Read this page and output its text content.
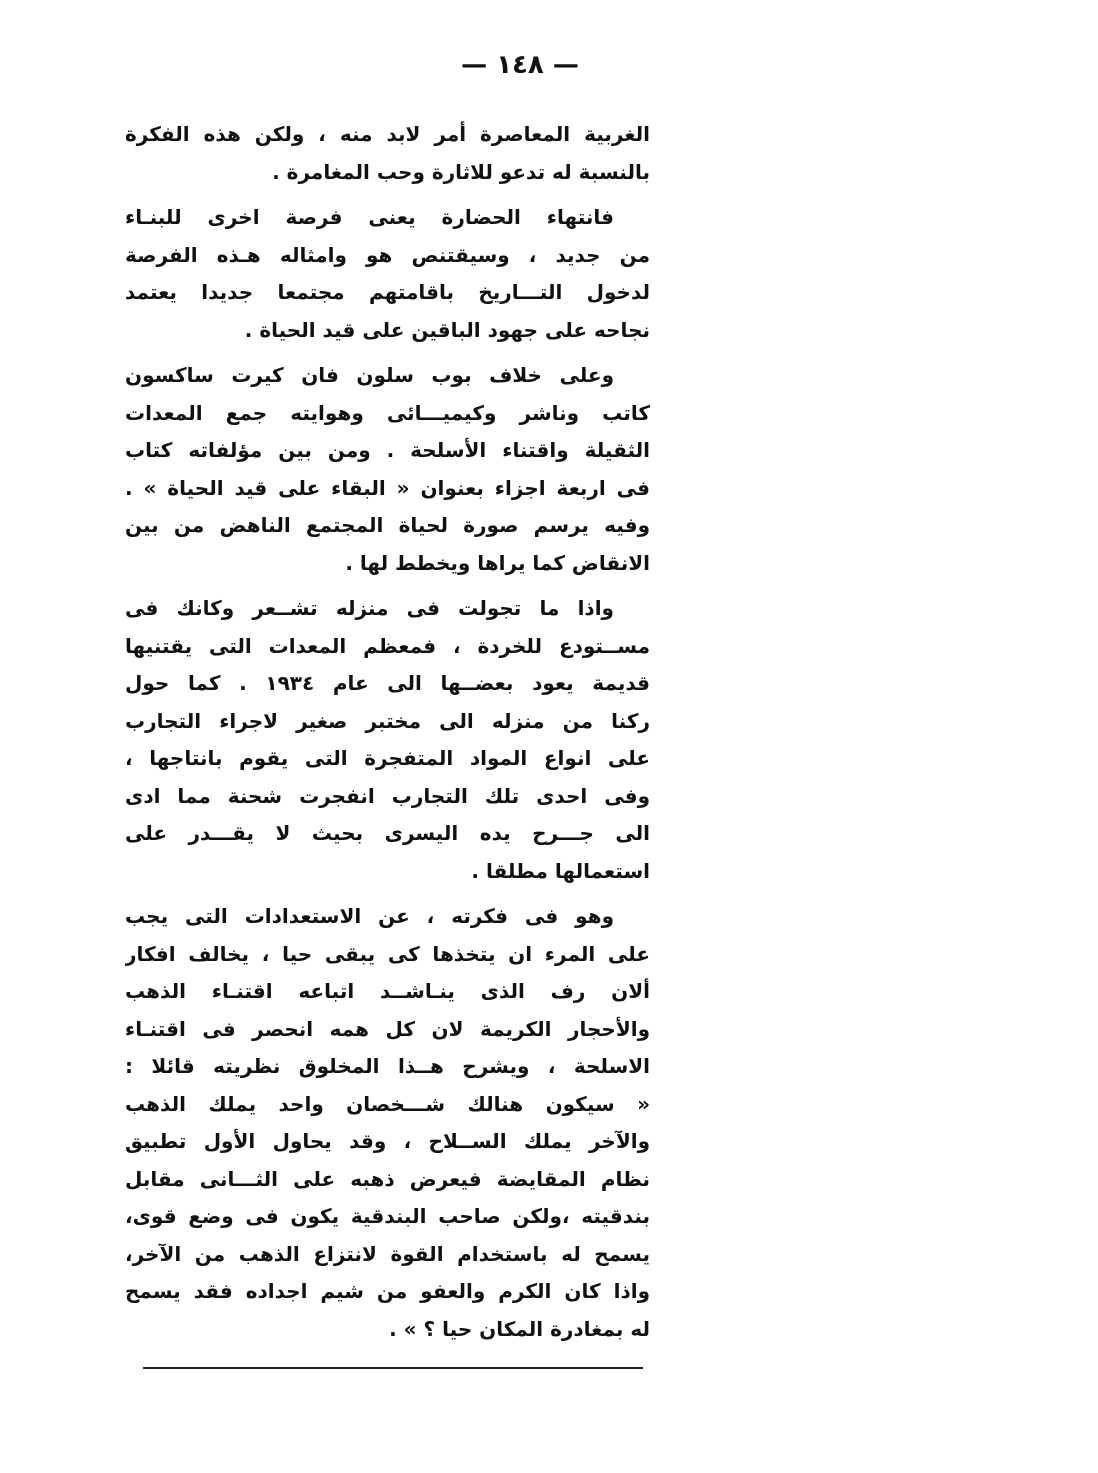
— ١٤٨ —
الغربية المعاصرة أمر لابد منه ، ولكن هذه الفكرة
بالنسبة له تدعو للاثارة وحب المغامرة .
فانتهاء الحضارة يعنى فرصة اخرى للبنـاء
من جديد ، وسيقتنص هو وامثاله هـذه الفرصة
لدخول التـــاريخ باقامتهم مجتمعا جديدا يعتمد
نجاحه على جهود الباقين على قيد الحياة .
وعلى خلاف بوب سلون فان كيرت ساكسون
كاتب وناشر وكيميـــائى وهوايته جمع المعدات
الثقيلة واقتناء الأسلحة . ومن بين مؤلفاته كتاب
فى اربعة اجزاء بعنوان « البقاء على قيد الحياة » .
وفيه يرسم صورة لحياة المجتمع الناهض من بين
الانقاض كما يراها ويخطط لها .
واذا ما تجولت فى منزله تشــعر وكانك فى
مســتودع للخردة ، فمعظم المعدات التى يقتنيها
قديمة يعود بعضــها الى عام ١٩٣٤ . كما حول
ركنا من منزله الى مختبر صغير لاجراء التجارب
على انواع المواد المتفجرة التى يقوم بانتاجها ،
وفى احدى تلك التجارب انفجرت شحنة مما ادى
الى جـــرح يده اليسرى بحيث لا يقـــدر على
استعمالها مطلقا .
وهو فى فكرته ، عن الاستعدادات التى يجب
على المرء ان يتخذها كى يبقى حيا ، يخالف افكار
ألان رف الذى ينـاشــد اتباعه اقتنـاء الذهب
والأحجار الكريمة لان كل همه انحصر فى اقتنـاء
الاسلحة ، ويشرح هــذا المخلوق نظريته قائلا :
« سيكون هنالك شـــخصان واحد يملك الذهب
والآخر يملك الســلاح ، وقد يحاول الأول تطبيق
نظام المقايضة فيعرض ذهبه على الثـــانى مقابل
بندقيته ،ولكن صاحب البندقية يكون فى وضع قوى،
يسمح له باستخدام القوة لانتزاع الذهب من الآخر،
واذا كان الكرم والعفو من شيم اجداده فقد يسمح
له بمغادرة المكان حيا ؟ » .
